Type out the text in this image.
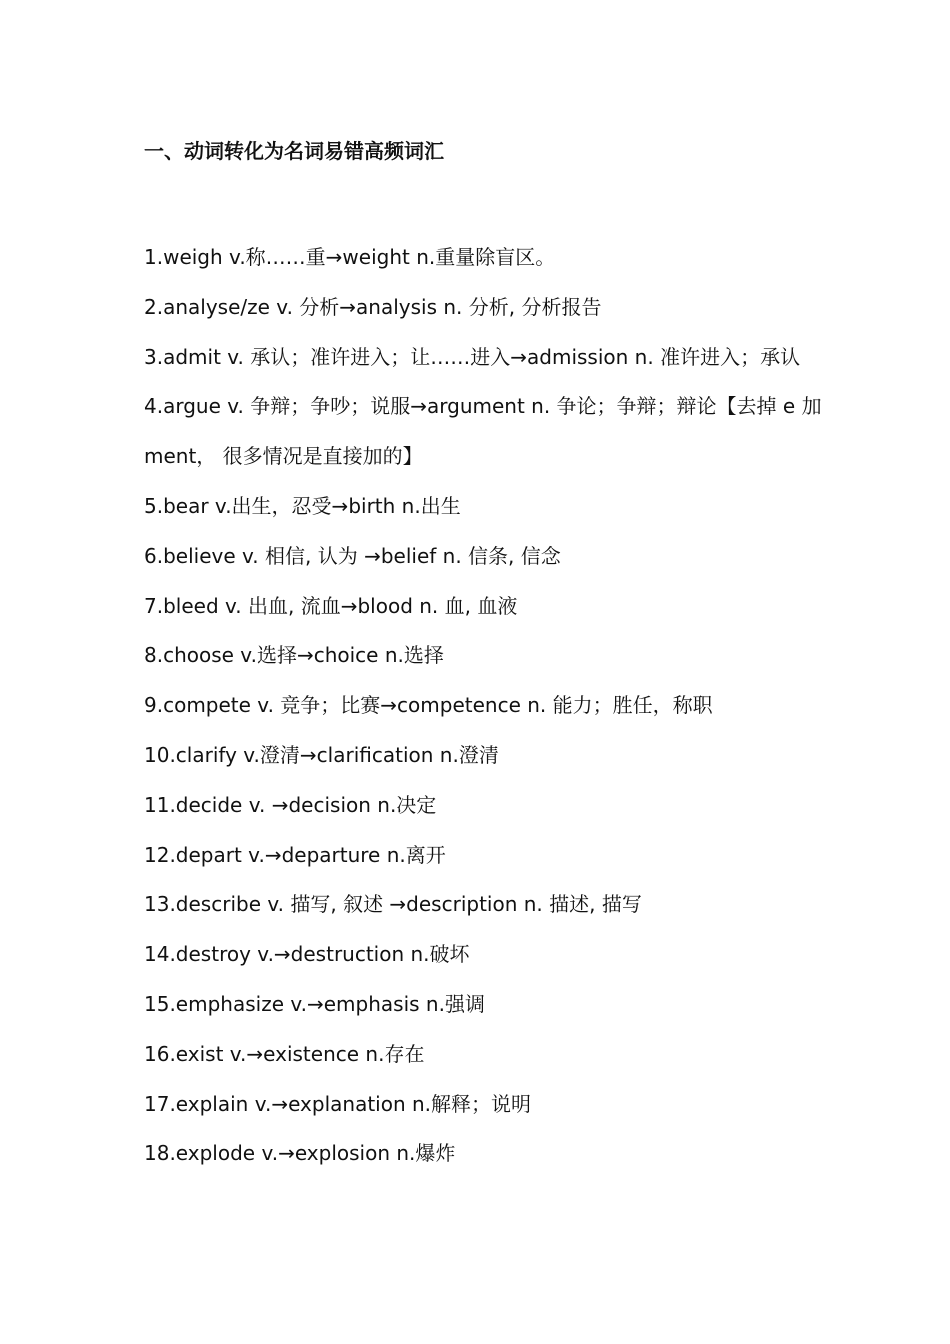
一、动词转化为名词易错高频词汇
1.weigh v.称……重→weight n.重量除盲区。
2.analyse/ze v. 分析→analysis n. 分析, 分析报告
3.admit v. 承认；准许进入；让……进入→admission n. 准许进入；承认
4.argue v. 争辩；争吵；说服→argument n. 争论；争辩；辩论【去掉 e 加 ment， 很多情况是直接加的】
5.bear v.出生，忍受→birth n.出生
6.believe v. 相信, 认为 →belief n. 信条, 信念
7.bleed v. 出血, 流血→blood n. 血, 血液
8.choose v.选择→choice n.选择
9.compete v. 竞争；比赛→competence n. 能力；胜任，称职
10.clarify v.澄清→clarification n.澄清
11.decide v. →decision n.决定
12.depart v.→departure n.离开
13.describe v. 描写, 叙述 →description n. 描述, 描写
14.destroy v.→destruction n.破坏
15.emphasize v.→emphasis n.强调
16.exist v.→existence n.存在
17.explain v.→explanation n.解释；说明
18.explode v.→explosion n.爆炸
